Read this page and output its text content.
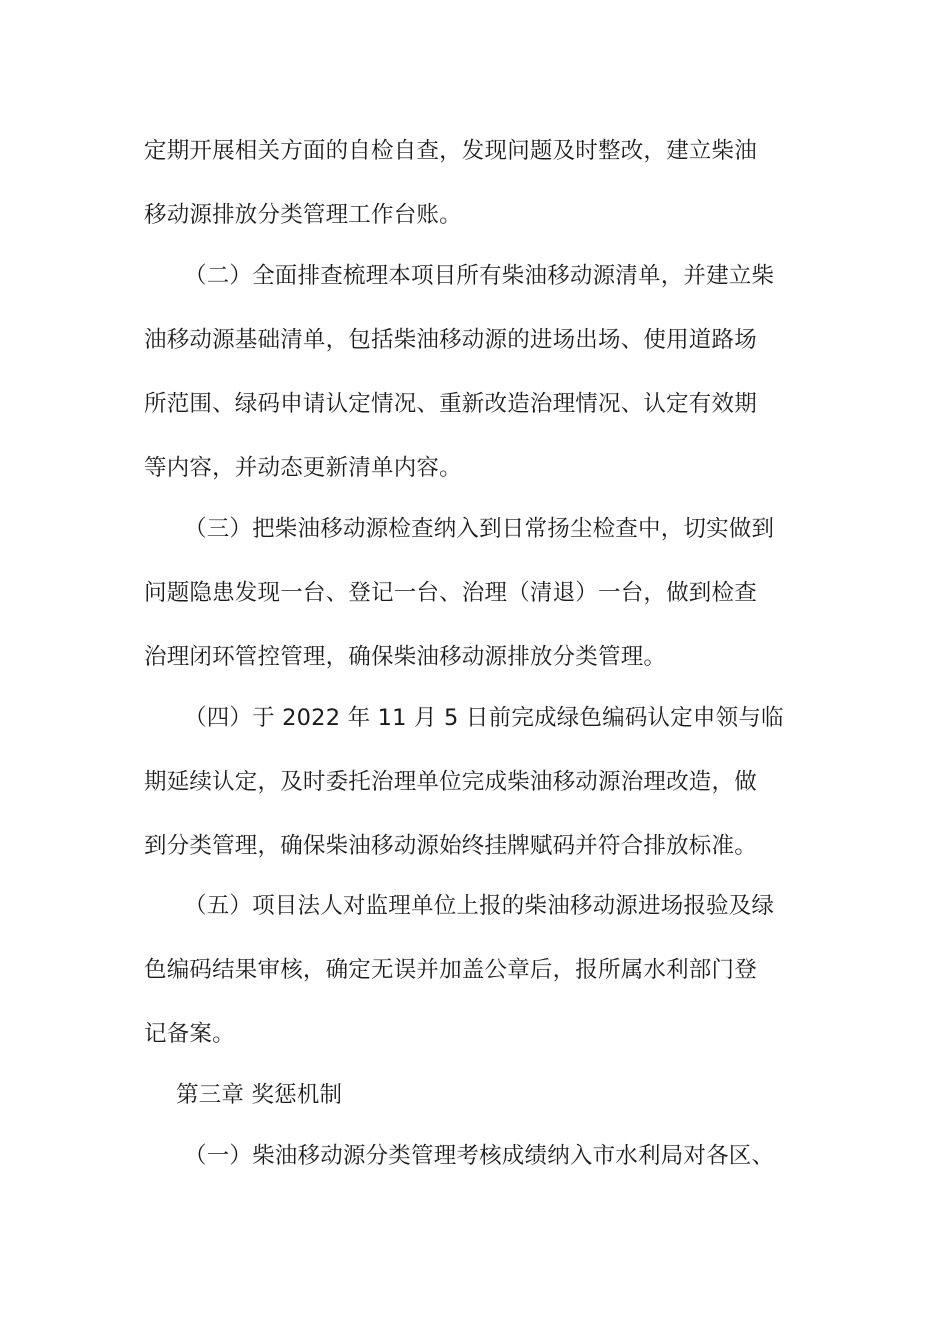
定期开展相关方面的自检自查，发现问题及时整改，建立柴油
移动源排放分类管理工作台账。
（二）全面排查梳理本项目所有柴油移动源清单，并建立柴
油移动源基础清单，包括柴油移动源的进场出场、使用道路场
所范围、绿码申请认定情况、重新改造治理情况、认定有效期
等内容，并动态更新清单内容。
（三）把柴油移动源检查纳入到日常扬尘检查中，切实做到
问题隐患发现一台、登记一台、治理（清退）一台，做到检查
治理闭环管控管理，确保柴油移动源排放分类管理。
（四）于 2022 年 11 月 5 日前完成绿色编码认定申领与临
期延续认定，及时委托治理单位完成柴油移动源治理改造，做
到分类管理，确保柴油移动源始终挂牌赋码并符合排放标准。
（五）项目法人对监理单位上报的柴油移动源进场报验及绿
色编码结果审核，确定无误并加盖公章后，报所属水利部门登
记备案。
第三章 奖惩机制
（一）柴油移动源分类管理考核成绩纳入市水利局对各区、
